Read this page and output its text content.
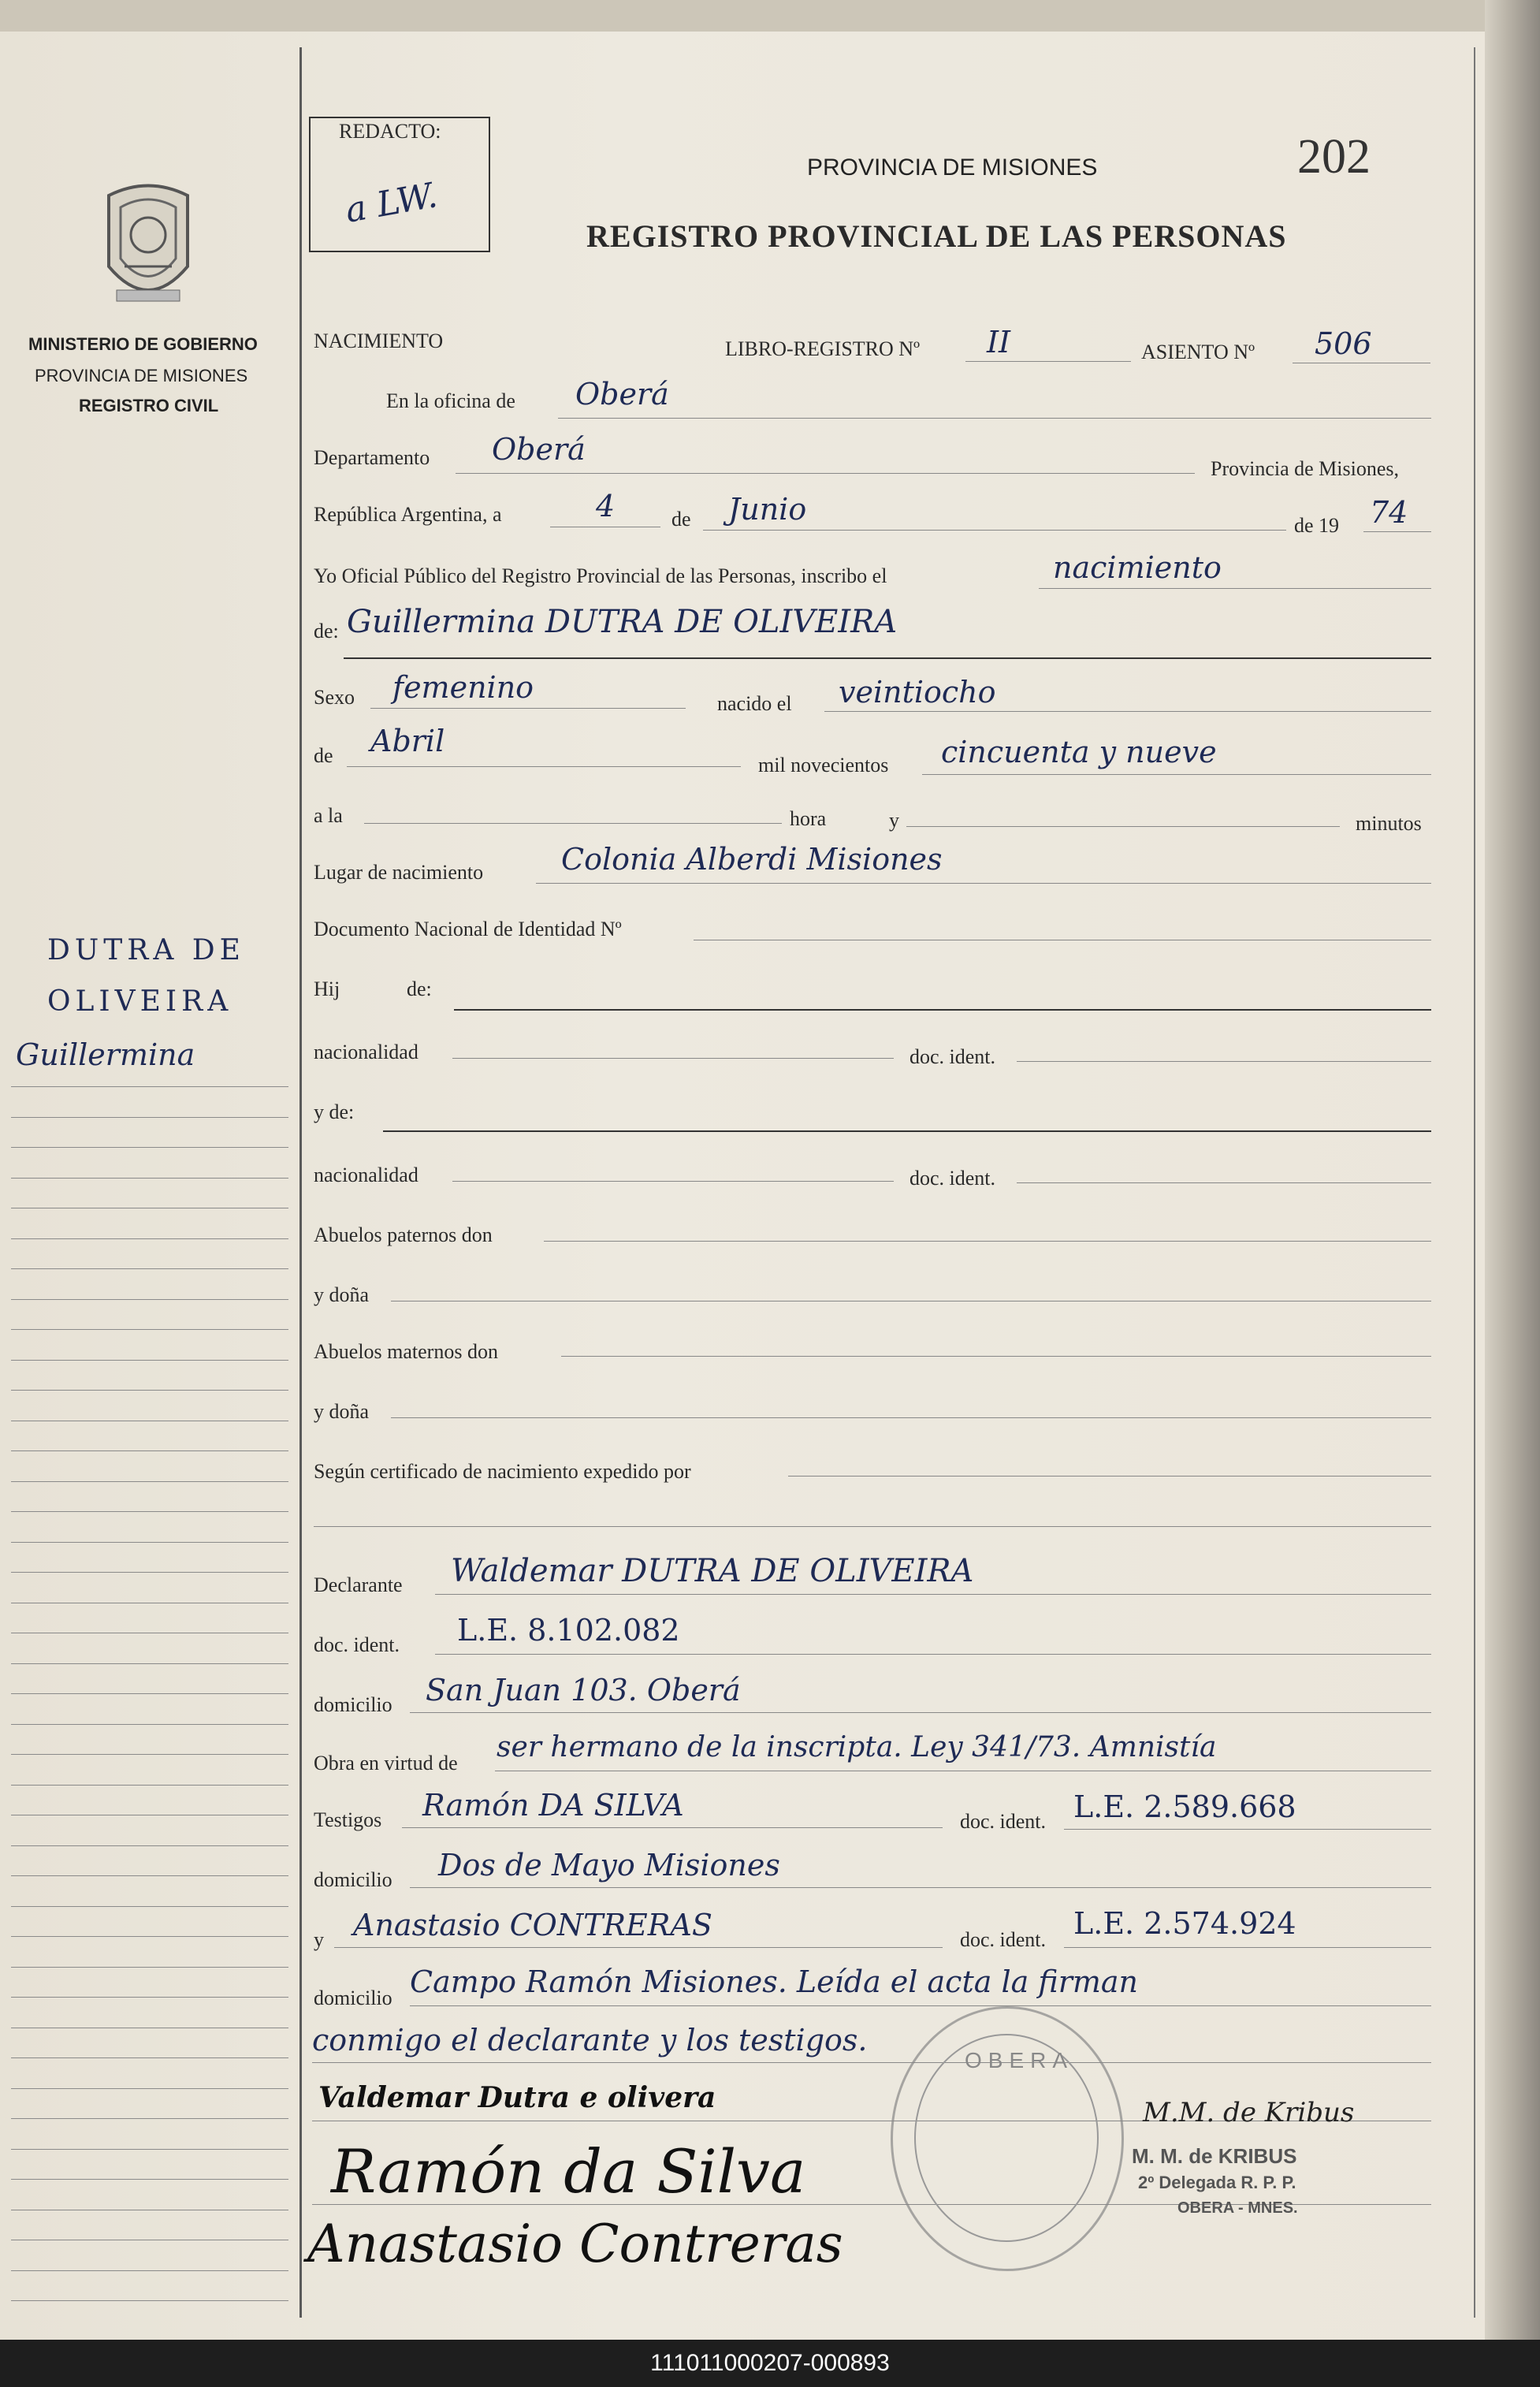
MINISTERIO DE GOBIERNO
PROVINCIA DE MISIONES
REGISTRO CIVIL
DUTRA DE
OLIVEIRA
Guillermina
REDACTO:
a LW.
PROVINCIA DE MISIONES
REGISTRO PROVINCIAL DE LAS PERSONAS
202
NACIMIENTO	LIBRO-REGISTRO Nº II	ASIENTO Nº 506
En la oficina de Oberá
Departamento Oberá
Provincia de Misiones,
República Argentina, a	4	de Junio	de 19 74
Yo Oficial Público del Registro Provincial de las Personas, inscribo el	nacimiento
de: Guillermina DUTRA DE OLIVEIRA
Sexo femenino	nacido el veintiocho
de Abril
mil novecientos cincuenta y nueve
a la	hora	y	minutos
Lugar de nacimiento	Colonia Alberdi Misiones
Documento Nacional de Identidad Nº
Hij	de:
nacionalidad	doc. ident.
y de:
nacionalidad	doc. ident.
Abuelos paternos don
y doña
Abuelos maternos don
y doña
Según certificado de nacimiento expedido por
Declarante Waldemar DUTRA DE OLIVEIRA
doc. ident. L.E. 8.102.082
domicilio San Juan 103. Oberá
Obra en virtud de ser hermano de la inscripta. Ley 341/73. Amnistía
Testigos Ramón DA SILVA	doc. ident. L.E. 2.589.668
domicilio Dos de Mayo Misiones
y Anastasio CONTRERAS	doc. ident. L.E. 2.574.924
domicilio Campo Ramón Misiones. Leída el acta la firman
conmigo el declarante y los testigos.
Valdemar Dutra e olivera
Ramón da Silva
Anastasio Contreras
M.M. de Kribus
M. M. de KRIBUS
2º Delegada R. P. P.
OBERA - MNES.
OBERA
111011000207-000893
